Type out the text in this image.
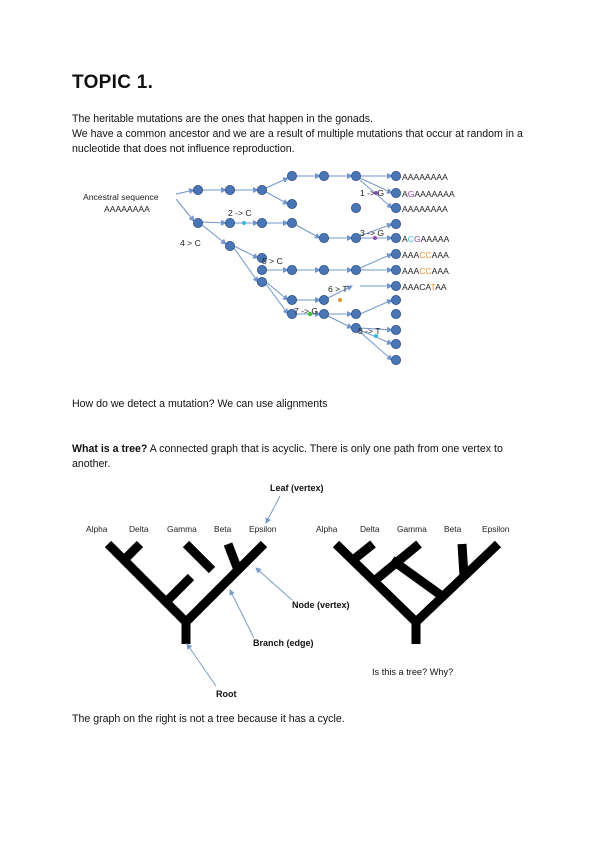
TOPIC 1.
The heritable mutations are the ones that happen in the gonads.
We have a common ancestor and we are a result of multiple mutations that occur at random in a nucleotide that does not influence reproduction.
Ancestral sequence
AAAAAAAA
1 -> G
2 -> C
3 -> G
4 > C
5 > C
6 > T
7 -> G
8 -> T
AAAAAAAA
AGAAAAAAA
AAAAAAAA
ACGAAAAA
AAACCAAA
AAACCAAA
AAACATAA
How do we detect a mutation? We can use alignments
What is a tree? A connected graph that is acyclic. There is only one path from one vertex to another.
Alpha	Delta Gamma Beta Epsilon	Alpha	Delta Gamma Beta Epsilon
Leaf (vertex)
Node (vertex)
Branch (edge)
Root
Is this a tree? Why?
The graph on the right is not a tree because it has a cycle.
